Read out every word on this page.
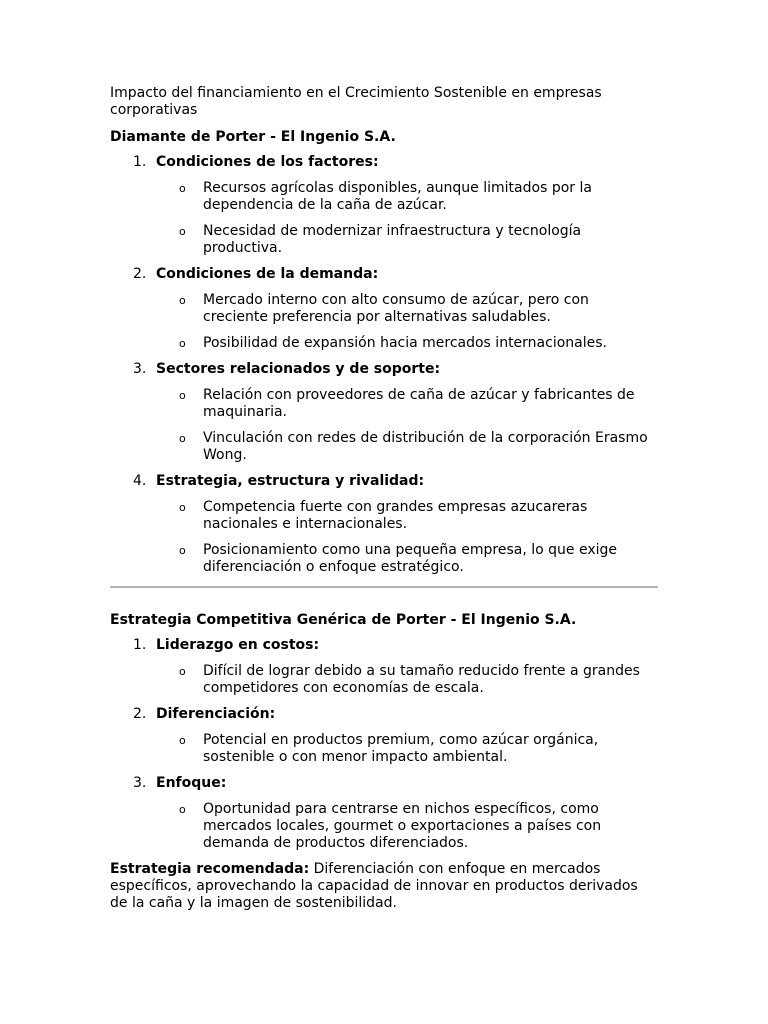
Impacto del financiamiento en el Crecimiento Sostenible en empresas corporativas

Diamante de Porter - El Ingenio S.A.

1. Condiciones de los factores:
o Recursos agrícolas disponibles, aunque limitados por la dependencia de la caña de azúcar.
o Necesidad de modernizar infraestructura y tecnología productiva.
2. Condiciones de la demanda:
o Mercado interno con alto consumo de azúcar, pero con creciente preferencia por alternativas saludables.
o Posibilidad de expansión hacia mercados internacionales.
3. Sectores relacionados y de soporte:
o Relación con proveedores de caña de azúcar y fabricantes de maquinaria.
o Vinculación con redes de distribución de la corporación Erasmo Wong.
4. Estrategia, estructura y rivalidad:
o Competencia fuerte con grandes empresas azucareras nacionales e internacionales.
o Posicionamiento como una pequeña empresa, lo que exige diferenciación o enfoque estratégico.

Estrategia Competitiva Genérica de Porter - El Ingenio S.A.

1. Liderazgo en costos:
o Difícil de lograr debido a su tamaño reducido frente a grandes competidores con economías de escala.
2. Diferenciación:
o Potencial en productos premium, como azúcar orgánica, sostenible o con menor impacto ambiental.
3. Enfoque:
o Oportunidad para centrarse en nichos específicos, como mercados locales, gourmet o exportaciones a países con demanda de productos diferenciados.

Estrategia recomendada: Diferenciación con enfoque en mercados específicos, aprovechando la capacidad de innovar en productos derivados de la caña y la imagen de sostenibilidad.
